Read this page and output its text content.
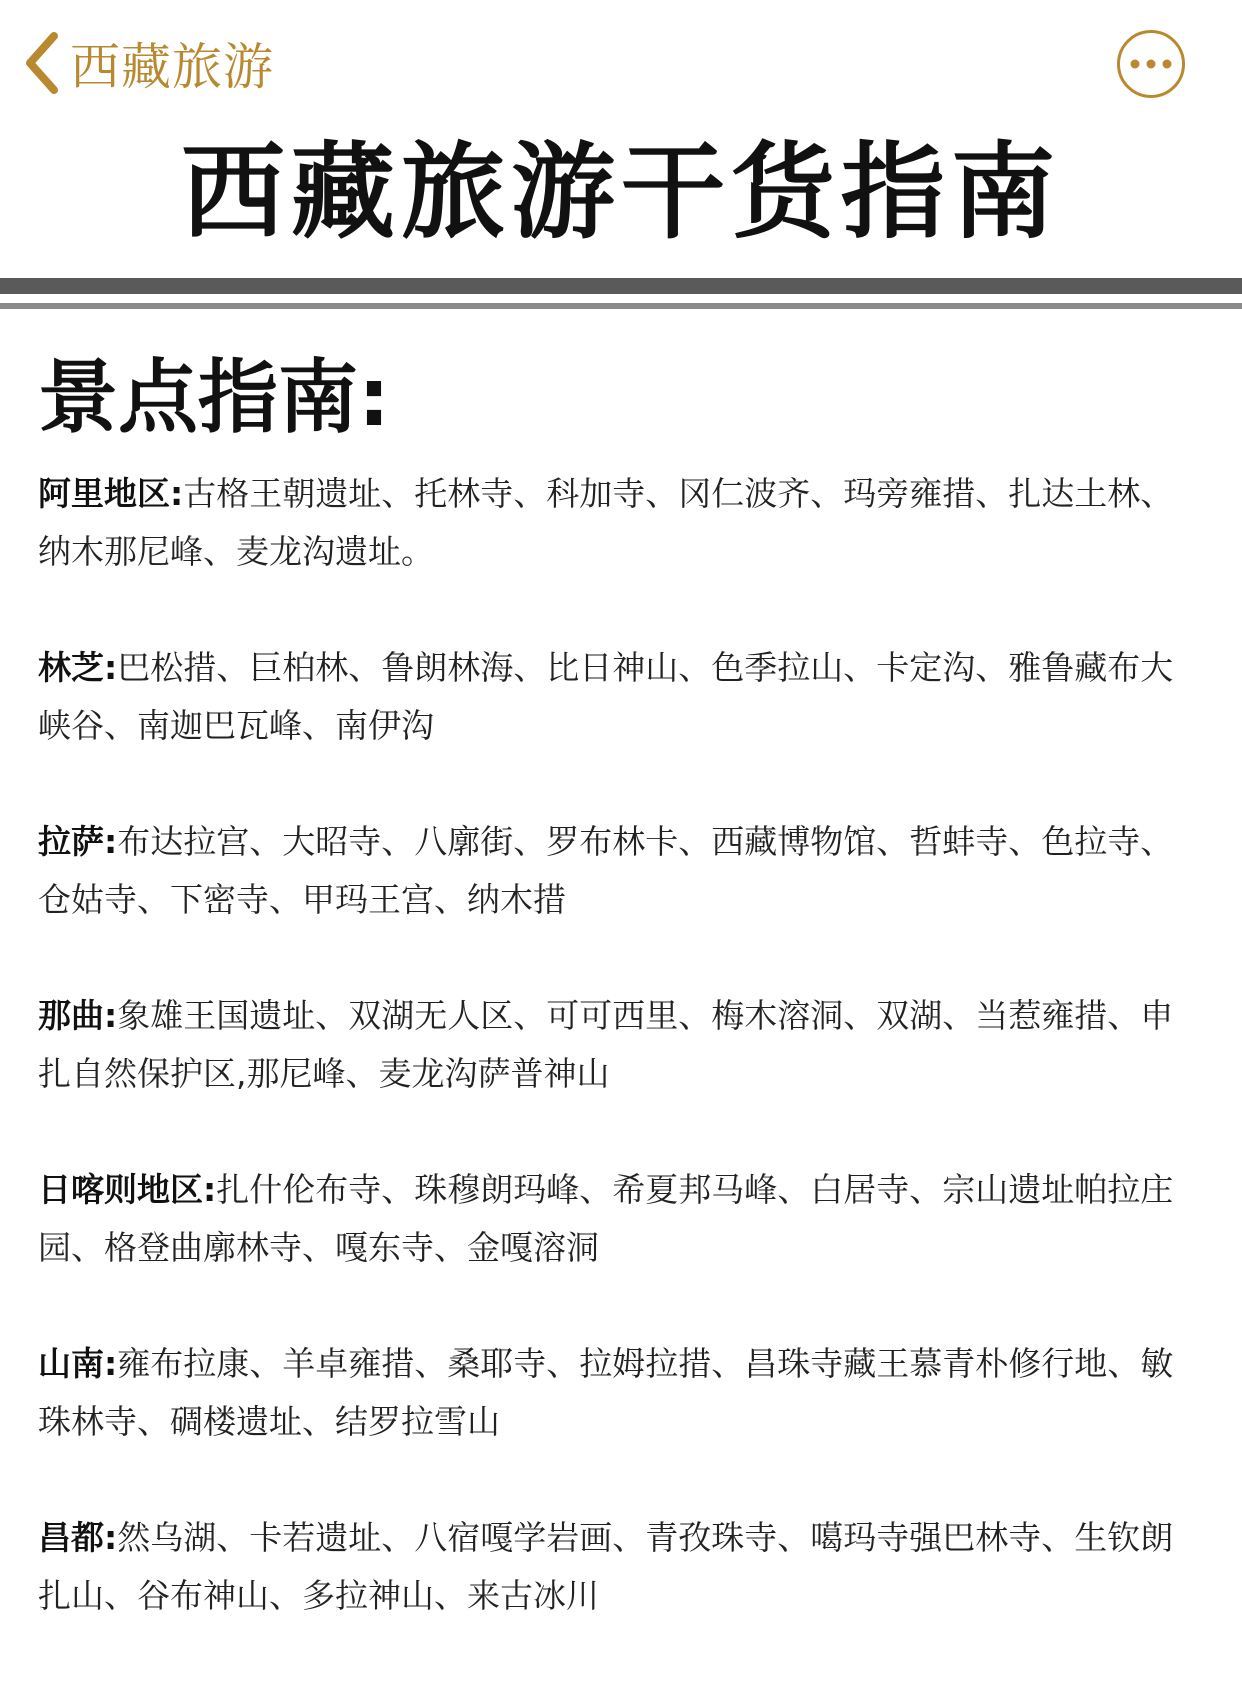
西藏旅游
西藏旅游干货指南
景点指南:

阿里地区:古格王朝遗址、托林寺、科加寺、冈仁波齐、玛旁雍措、扎达土林、纳木那尼峰、麦龙沟遗址。

林芝:巴松措、巨柏林、鲁朗林海、比日神山、色季拉山、卡定沟、雅鲁藏布大峡谷、南迦巴瓦峰、南伊沟

拉萨:布达拉宫、大昭寺、八廓街、罗布林卡、西藏博物馆、哲蚌寺、色拉寺、仓姑寺、下密寺、甲玛王宫、纳木措

那曲:象雄王国遗址、双湖无人区、可可西里、梅木溶洞、双湖、当惹雍措、申扎自然保护区,那尼峰、麦龙沟萨普神山

日喀则地区:扎什伦布寺、珠穆朗玛峰、希夏邦马峰、白居寺、宗山遗址帕拉庄园、格登曲廓林寺、嘎东寺、金嘎溶洞

山南:雍布拉康、羊卓雍措、桑耶寺、拉姆拉措、昌珠寺藏王慕青朴修行地、敏珠林寺、碉楼遗址、结罗拉雪山

昌都:然乌湖、卡若遗址、八宿嘎学岩画、青孜珠寺、噶玛寺强巴林寺、生钦朗扎山、谷布神山、多拉神山、来古冰川
